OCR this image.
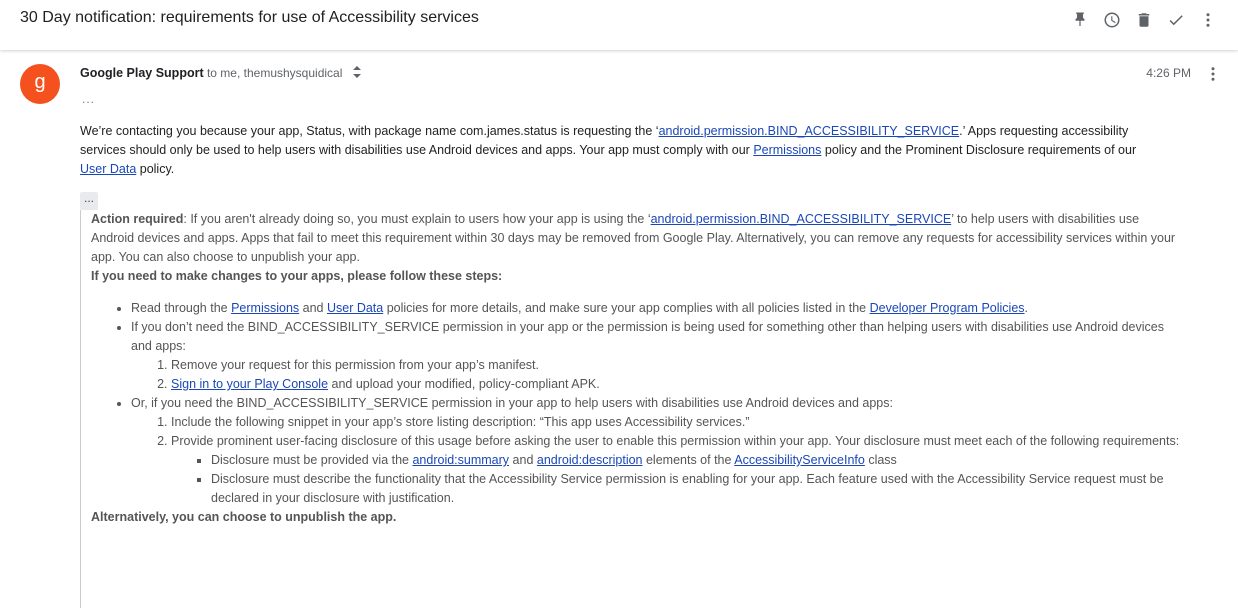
30 Day notification: requirements for use of Accessibility services
g	Google Play Support to me, themushysquidical	4:26 PM
...
We’re contacting you because your app, Status, with package name com.james.status is requesting the ‘android.permission.BIND_ACCESSIBILITY_SERVICE.’ Apps requesting accessibility services should only be used to help users with disabilities use Android devices and apps. Your app must comply with our Permissions policy and the Prominent Disclosure requirements of our User Data policy.
...

Action required: If you aren't already doing so, you must explain to users how your app is using the ‘android.permission.BIND_ACCESSIBILITY_SERVICE’ to help users with disabilities use Android devices and apps. Apps that fail to meet this requirement within 30 days may be removed from Google Play. Alternatively, you can remove any requests for accessibility services within your app. You can also choose to unpublish your app.

If you need to make changes to your apps, please follow these steps:

• Read through the Permissions and User Data policies for more details, and make sure your app complies with all policies listed in the Developer Program Policies.
• If you don’t need the BIND_ACCESSIBILITY_SERVICE permission in your app or the permission is being used for something other than helping users with disabilities use Android devices and apps:
1. Remove your request for this permission from your app’s manifest.
2. Sign in to your Play Console and upload your modified, policy-compliant APK.
• Or, if you need the BIND_ACCESSIBILITY_SERVICE permission in your app to help users with disabilities use Android devices and apps:
1. Include the following snippet in your app’s store listing description: “This app uses Accessibility services.”
2. Provide prominent user-facing disclosure of this usage before asking the user to enable this permission within your app. Your disclosure must meet each of the following requirements:
▪ Disclosure must be provided via the android:summary and android:description elements of the AccessibilityServiceInfo class
▪ Disclosure must describe the functionality that the Accessibility Service permission is enabling for your app. Each feature used with the Accessibility Service request must be declared in your disclosure with justification.

Alternatively, you can choose to unpublish the app.
